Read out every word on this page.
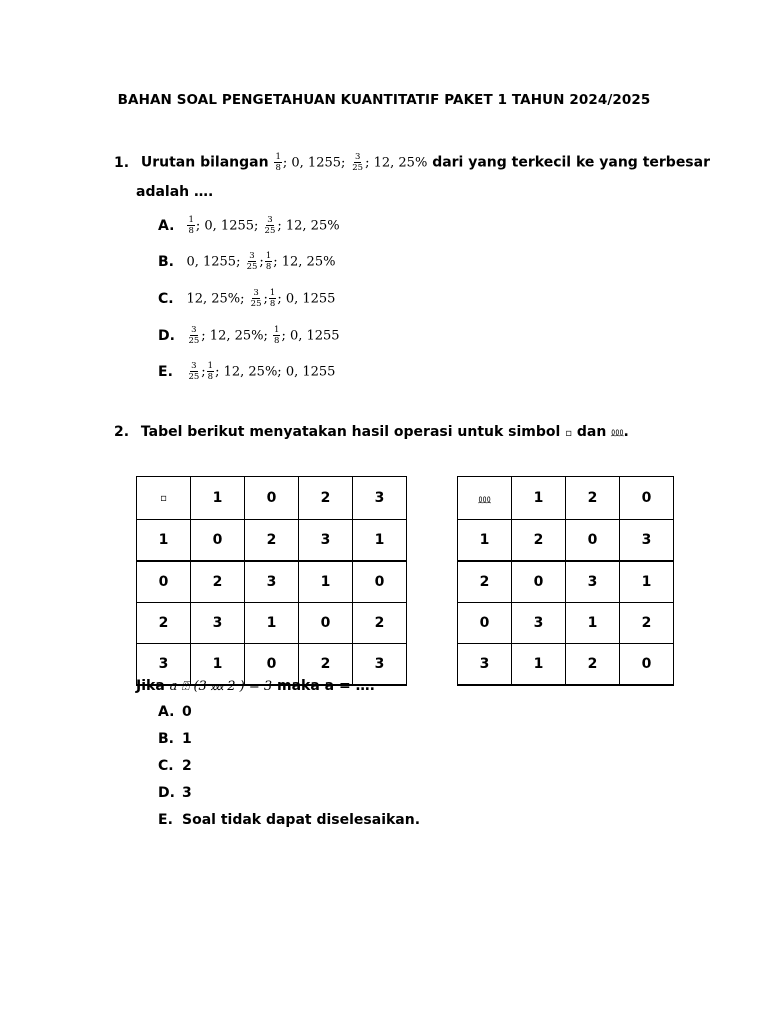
BAHAN SOAL PENGETAHUAN KUANTITATIF PAKET 1 TAHUN 2024/2025
1. Urutan bilangan $\frac{1}{8}$ ; 0, 1255; $\frac{3}{25}$ ; 12, 25% dari yang terkecil ke yang terbesar
adalah ….
A. $\frac{1}{8}$ ; 0, 1255; $\frac{3}{25}$ ; 12, 25%
B. 0, 1255; $\frac{3}{25}$ ; $\frac{1}{8}$ ; 12, 25%
C. 12, 25%; $\frac{3}{25}$ ; $\frac{1}{8}$ ; 0, 1255
D. $\frac{3}{25}$ ; 12, 25%; $\frac{1}{8}$ ; 0, 1255
E. $\frac{3}{25}$ ; $\frac{1}{8}$ ; 12, 25%; 0, 1255
2. Tabel berikut menyatakan hasil operasi untuk simbol ▫ dan ⅏.
▫	1	0	2	3
1	0	2	3	1
0	2	3	1	0
2	3	1	0	2
3	1	0	2	3
⅏	1	2	0
1	2	0	3
2	0	3	1
0	3	1	2
3	1	2	0
Jika a ⍰ (3 ⅏ 2 ) = 3 maka a = ….
A. 0
B. 1
C. 2
D. 3
E. Soal tidak dapat diselesaikan.
